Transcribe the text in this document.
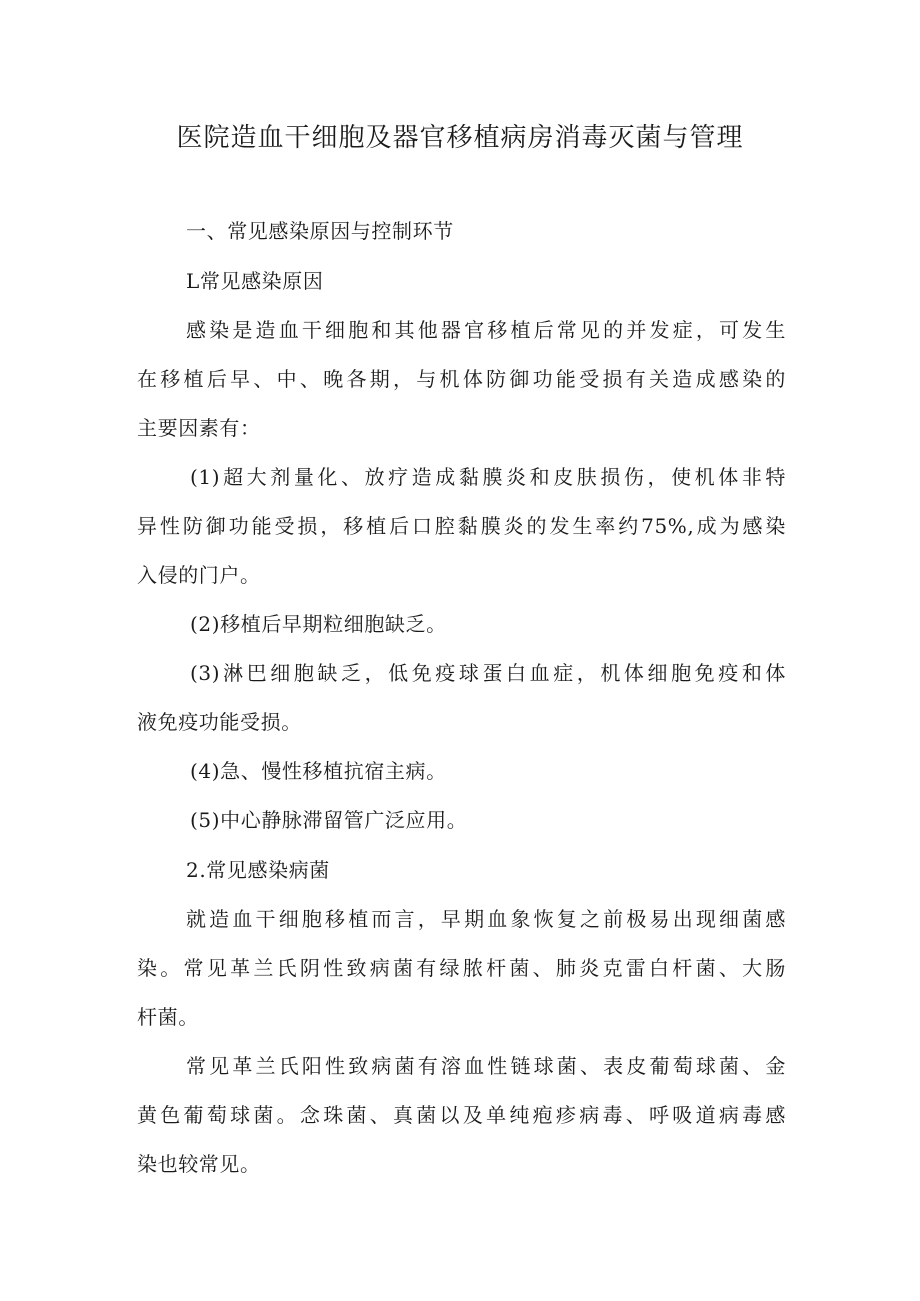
医院造血干细胞及器官移植病房消毒灭菌与管理
一、常见感染原因与控制环节
L常见感染原因
感染是造血干细胞和其他器官移植后常见的并发症，可发生
在移植后早、中、晚各期，与机体防御功能受损有关造成感染的
主要因素有：
(1)超大剂量化、放疗造成黏膜炎和皮肤损伤，使机体非特
异性防御功能受损，移植后口腔黏膜炎的发生率约75%,成为感染
入侵的门户。
(2)移植后早期粒细胞缺乏。
(3)淋巴细胞缺乏，低免疫球蛋白血症，机体细胞免疫和体
液免疫功能受损。
(4)急、慢性移植抗宿主病。
(5)中心静脉滞留管广泛应用。
2.常见感染病菌
就造血干细胞移植而言，早期血象恢复之前极易出现细菌感
染。常见革兰氏阴性致病菌有绿脓杆菌、肺炎克雷白杆菌、大肠
杆菌。
常见革兰氏阳性致病菌有溶血性链球菌、表皮葡萄球菌、金
黄色葡萄球菌。念珠菌、真菌以及单纯疱疹病毒、呼吸道病毒感
染也较常见。
